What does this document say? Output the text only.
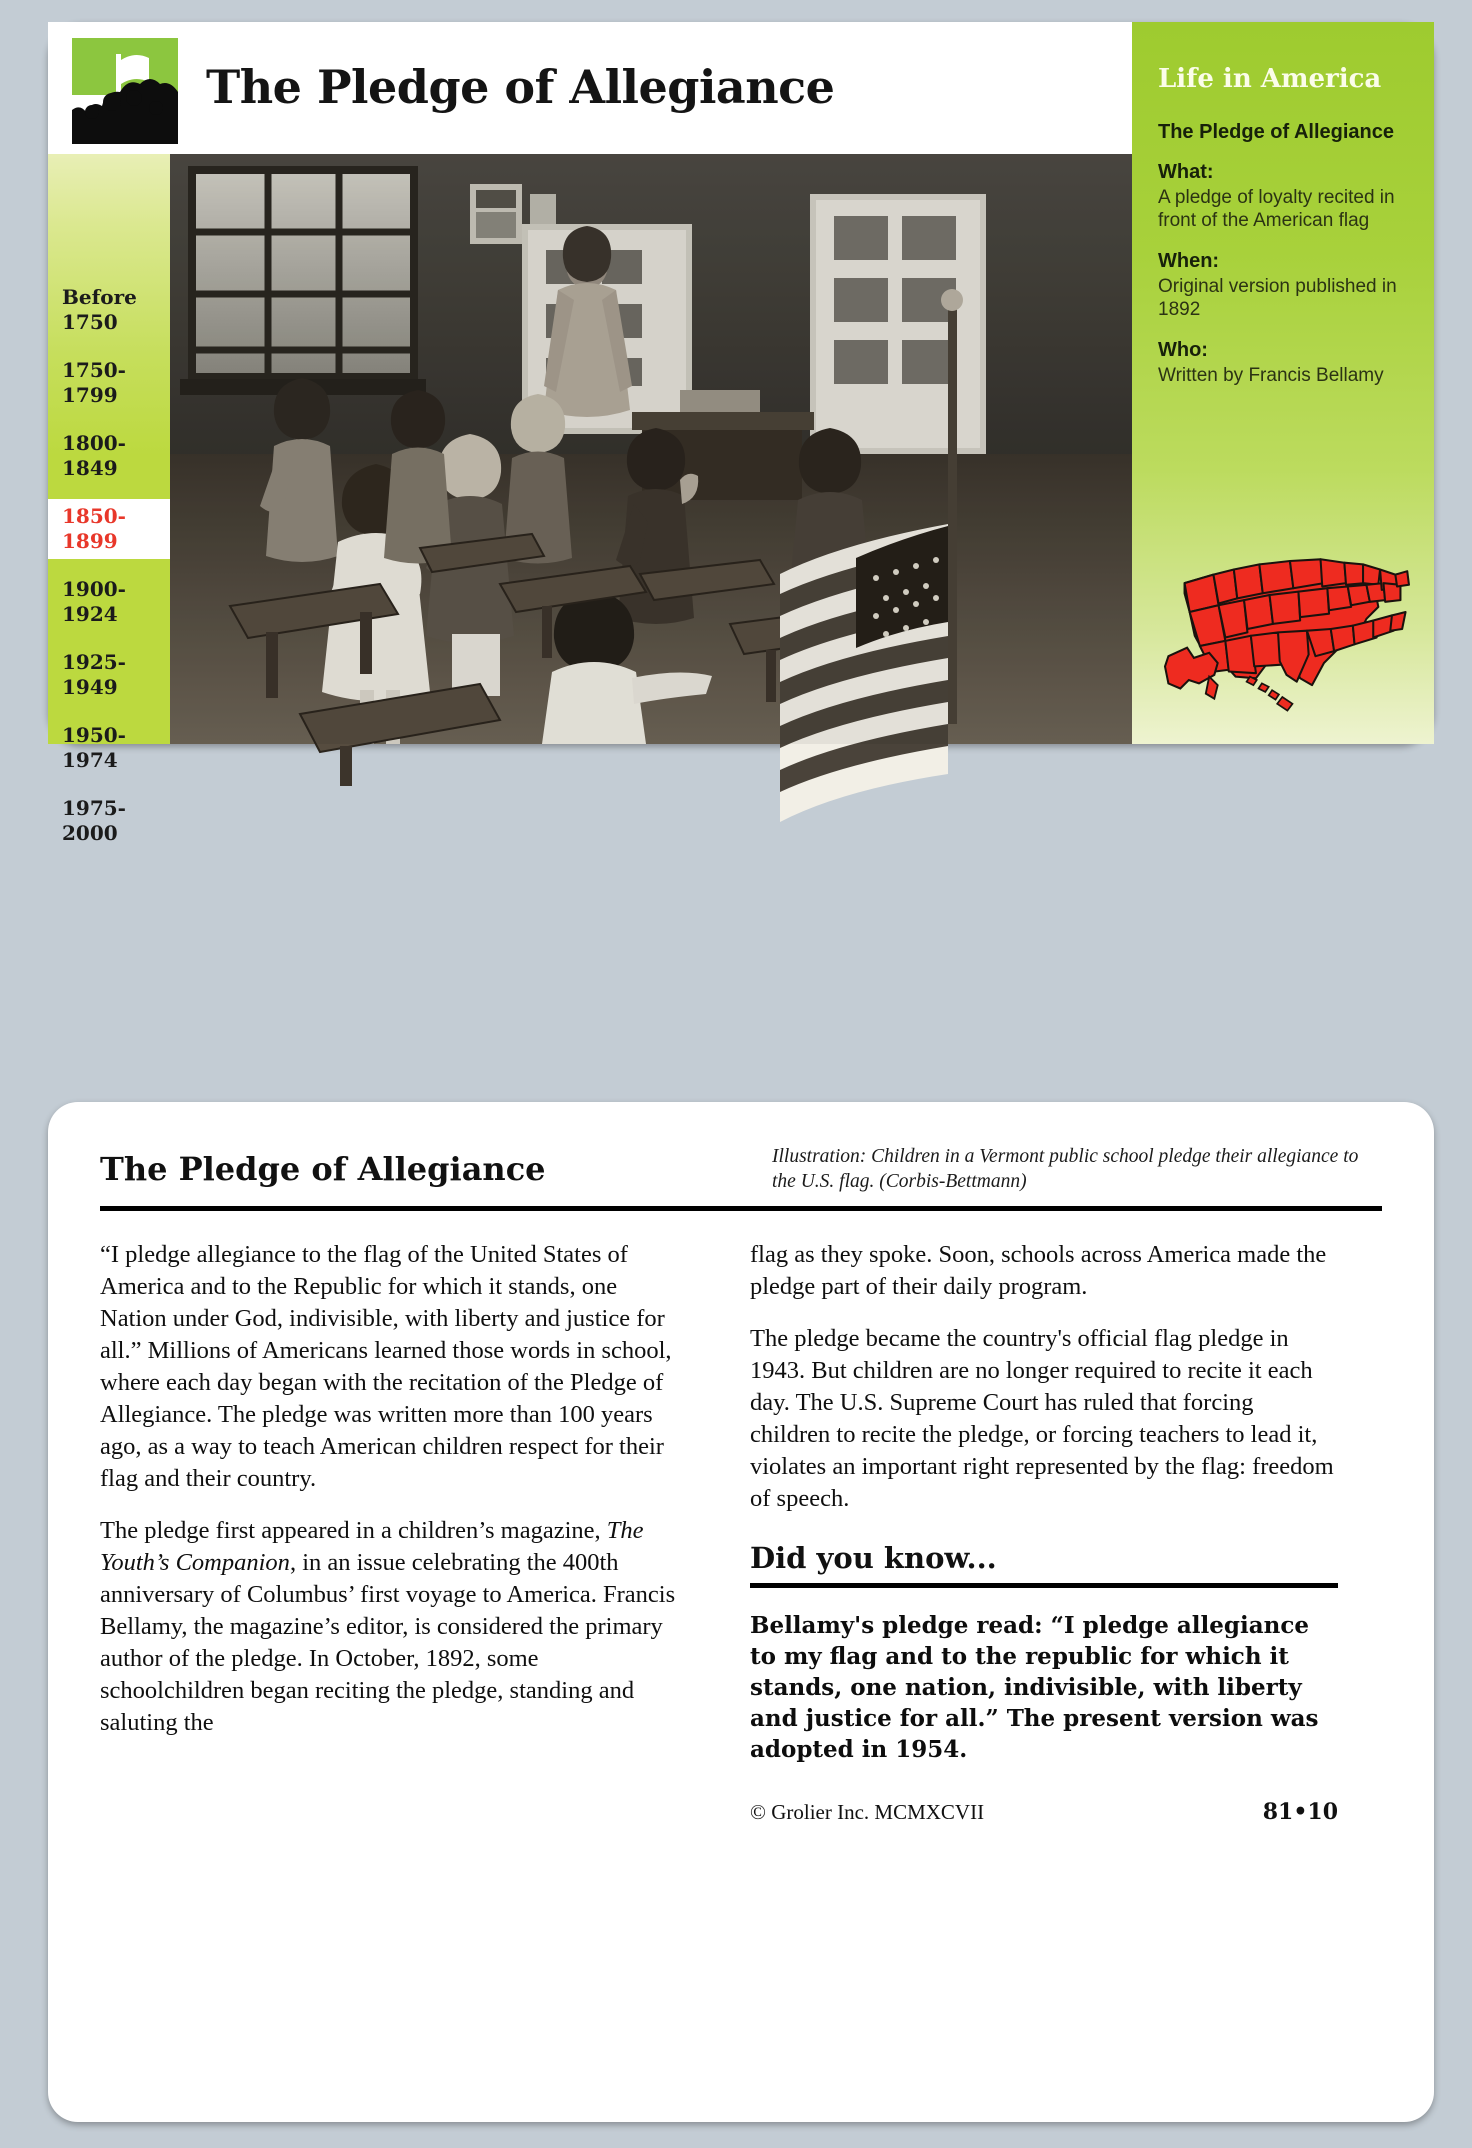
Before
1750
1750-
1799
1800-
1849
1850-
1899
1900-
1924
1925-
1949
1950-
1974
1975-
2000
The Pledge of Allegiance	Life in America
The Pledge of Allegiance
What:
A pledge of loyalty recited in front of the American flag
When:
Original version published in 1892
Who:
Written by Francis Bellamy
The Pledge of Allegiance	Illustration: Children in a Vermont public school pledge their allegiance to the U.S. flag. (Corbis-Bettmann)

“I pledge allegiance to the flag of the United States of America and to the Republic for which it stands, one Nation under God, indivisible, with liberty and justice for all.” Millions of Americans learned those words in school, where each day began with the recitation of the Pledge of Allegiance. The pledge was written more than 100 years ago, as a way to teach American children respect for their flag and their country.

The pledge first appeared in a children’s magazine, The Youth’s Companion, in an issue celebrating the 400th anniversary of Columbus’ first voyage to America. Francis Bellamy, the magazine’s editor, is considered the primary author of the pledge. In October, 1892, some schoolchildren began reciting the pledge, standing and saluting the

flag as they spoke. Soon, schools across America made the pledge part of their daily program.

The pledge became the country's official flag pledge in 1943. But children are no longer required to recite it each day. The U.S. Supreme Court has ruled that forcing children to recite the pledge, or forcing teachers to lead it, violates an important right represented by the flag: freedom of speech.

Did you know...
Bellamy's pledge read: “I pledge allegiance to my flag and to the republic for which it stands, one nation, indivisible, with liberty and justice for all.” The present version was adopted in 1954.
© Grolier Inc. MCMXCVII	81•10
